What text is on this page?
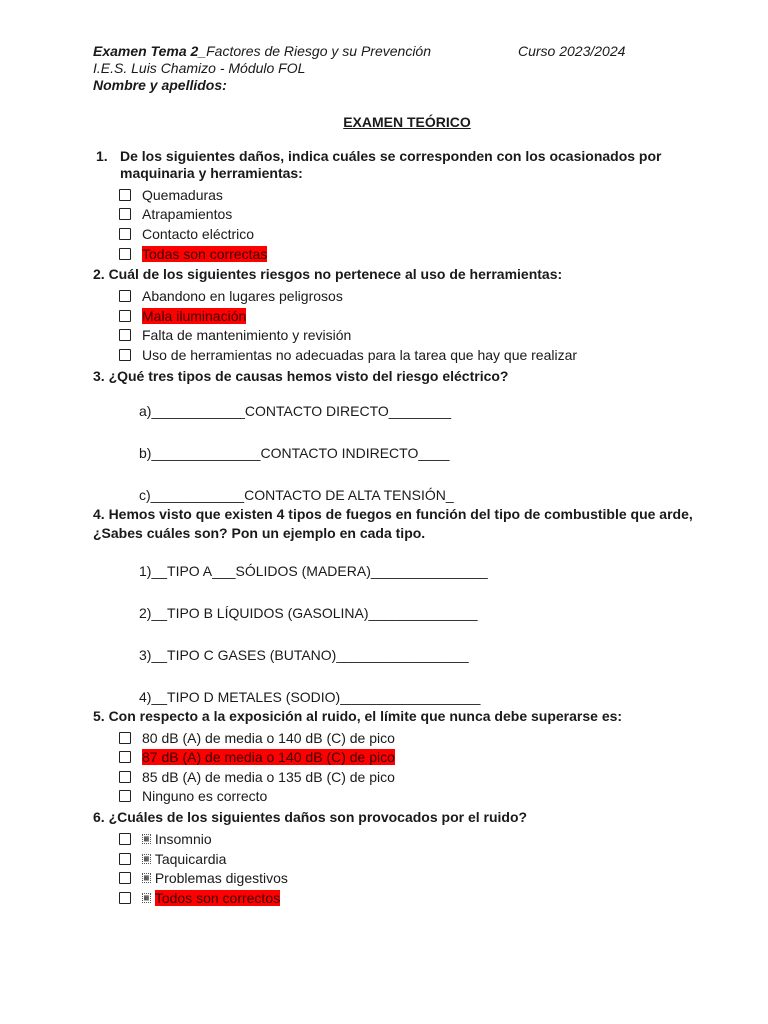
Examen Tema 2_Factores de Riesgo y su Prevención	Curso 2023/2024
I.E.S. Luis Chamizo - Módulo FOL
Nombre y apellidos:
EXAMEN TEÓRICO
1. De los siguientes daños, indica cuáles se corresponden con los ocasionados por maquinaria y herramientas:
Quemaduras
Atrapamientos
Contacto eléctrico
Todas son correctas
2. Cuál de los siguientes riesgos no pertenece al uso de herramientas:
Abandono en lugares peligrosos
Mala iluminación
Falta de mantenimiento y revisión
Uso de herramientas no adecuadas para la tarea que hay que realizar
3. ¿Qué tres tipos de causas hemos visto del riesgo eléctrico?
a)____________CONTACTO DIRECTO________
b)______________CONTACTO INDIRECTO____
c)____________CONTACTO DE ALTA TENSIÓN_
4. Hemos visto que existen 4 tipos de fuegos en función del tipo de combustible que arde, ¿Sabes cuáles son? Pon un ejemplo en cada tipo.
1)__TIPO A___SÓLIDOS (MADERA)_______________
2)__TIPO B LÍQUIDOS (GASOLINA)______________
3)__TIPO C GASES (BUTANO)_________________
4)__TIPO D METALES (SODIO)__________________
5. Con respecto a la exposición al ruido, el límite que nunca debe superarse es:
80 dB (A) de media o 140 dB (C) de pico
87 dB (A) de media o 140 dB (C) de pico
85 dB (A) de media o 135 dB (C) de pico
Ninguno es correcto
6. ¿Cuáles de los siguientes daños son provocados por el ruido?
▦ Insomnio
▦ Taquicardia
▦ Problemas digestivos
▦ Todos son correctos
